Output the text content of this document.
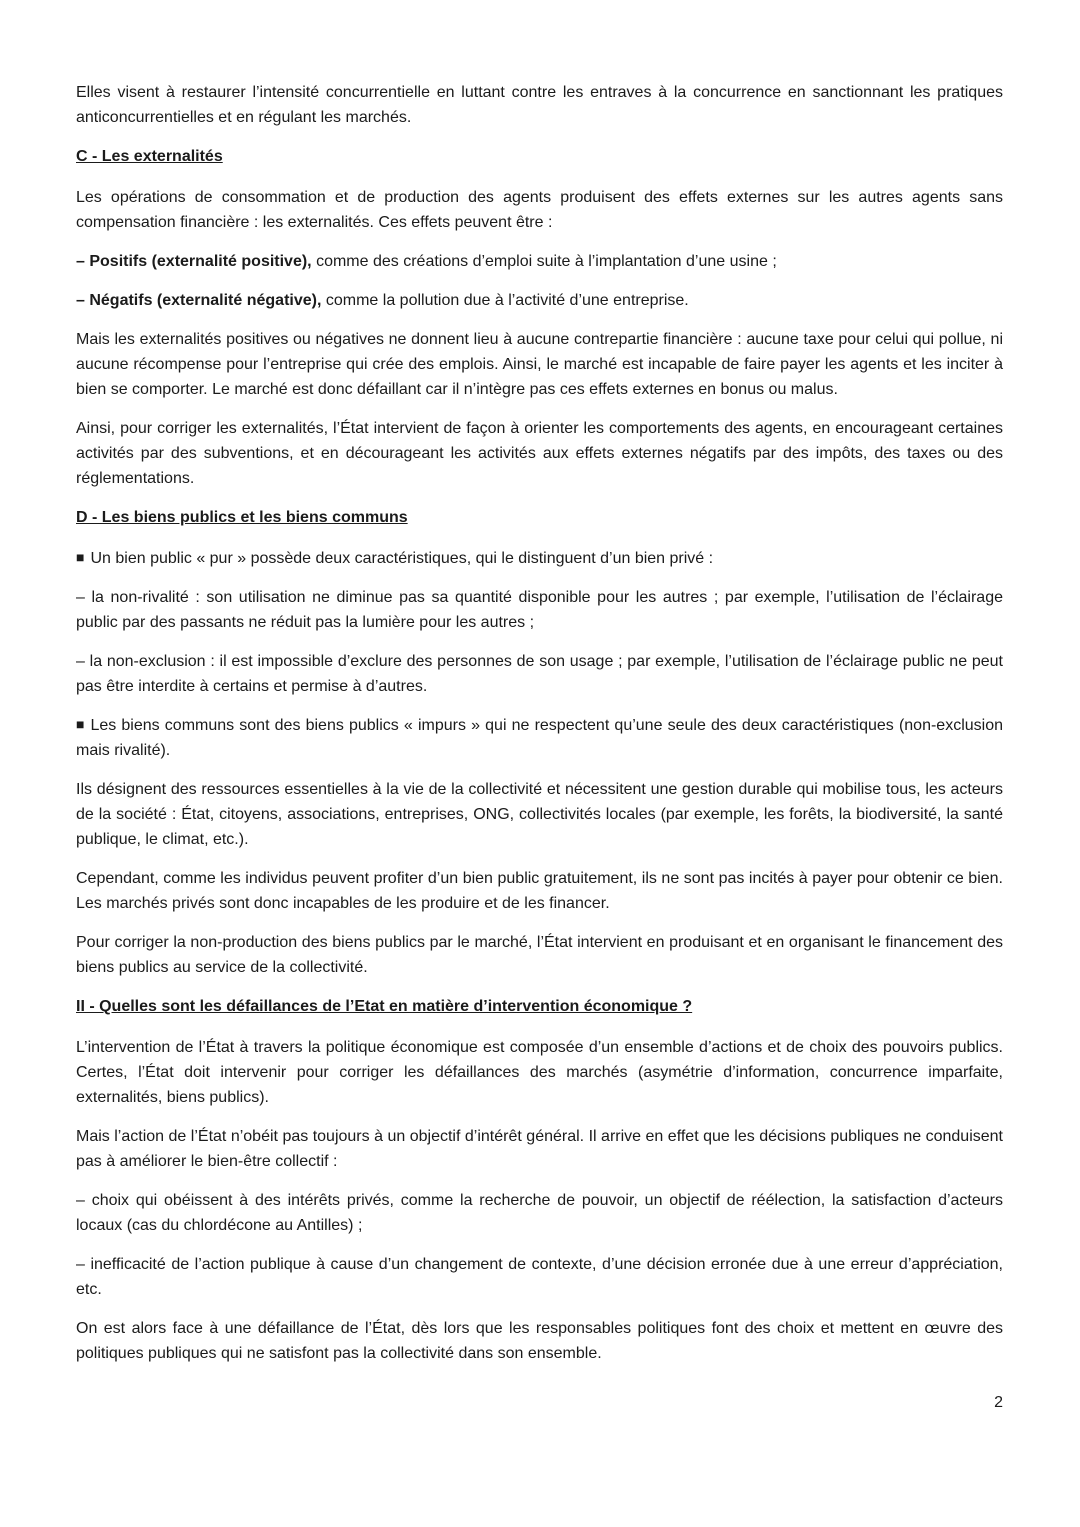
Elles visent à restaurer l’intensité concurrentielle en luttant contre les entraves à la concurrence en sanctionnant les pratiques anticoncurrentielles et en régulant les marchés.

C - Les externalités

Les opérations de consommation et de production des agents produisent des effets externes sur les autres agents sans compensation financière : les externalités. Ces effets peuvent être :

– Positifs (externalité positive), comme des créations d’emploi suite à l’implantation d’une usine ;

– Négatifs (externalité négative), comme la pollution due à l’activité d’une entreprise.

Mais les externalités positives ou négatives ne donnent lieu à aucune contrepartie financière : aucune taxe pour celui qui pollue, ni aucune récompense pour l’entreprise qui crée des emplois. Ainsi, le marché est incapable de faire payer les agents et les inciter à bien se comporter. Le marché est donc défaillant car il n’intègre pas ces effets externes en bonus ou malus.

Ainsi, pour corriger les externalités, l’État intervient de façon à orienter les comportements des agents, en encourageant certaines activités par des subventions, et en décourageant les activités aux effets externes négatifs par des impôts, des taxes ou des réglementations.

D - Les biens publics et les biens communs

■ Un bien public « pur » possède deux caractéristiques, qui le distinguent d’un bien privé :

– la non-rivalité : son utilisation ne diminue pas sa quantité disponible pour les autres ; par exemple, l’utilisation de l’éclairage public par des passants ne réduit pas la lumière pour les autres ;

– la non-exclusion : il est impossible d’exclure des personnes de son usage ; par exemple, l’utilisation de l’éclairage public ne peut pas être interdite à certains et permise à d’autres.

■ Les biens communs sont des biens publics « impurs » qui ne respectent qu’une seule des deux caractéristiques (non-exclusion mais rivalité).

Ils désignent des ressources essentielles à la vie de la collectivité et nécessitent une gestion durable qui mobilise tous, les acteurs de la société : État, citoyens, associations, entreprises, ONG, collectivités locales (par exemple, les forêts, la biodiversité, la santé publique, le climat, etc.).

Cependant, comme les individus peuvent profiter d’un bien public gratuitement, ils ne sont pas incités à payer pour obtenir ce bien. Les marchés privés sont donc incapables de les produire et de les financer.

Pour corriger la non-production des biens publics par le marché, l’État intervient en produisant et en organisant le financement des biens publics au service de la collectivité.

II - Quelles sont les défaillances de l’Etat en matière d’intervention économique ?

L’intervention de l’État à travers la politique économique est composée d’un ensemble d’actions et de choix des pouvoirs publics. Certes, l’État doit intervenir pour corriger les défaillances des marchés (asymétrie d’information, concurrence imparfaite, externalités, biens publics).

Mais l’action de l’État n’obéit pas toujours à un objectif d’intérêt général. Il arrive en effet que les décisions publiques ne conduisent pas à améliorer le bien-être collectif :

– choix qui obéissent à des intérêts privés, comme la recherche de pouvoir, un objectif de réélection, la satisfaction d’acteurs locaux (cas du chlordécone au Antilles) ;

– inefficacité de l’action publique à cause d’un changement de contexte, d’une décision erronée due à une erreur d’appréciation, etc.

On est alors face à une défaillance de l’État, dès lors que les responsables politiques font des choix et mettent en œuvre des politiques publiques qui ne satisfont pas la collectivité dans son ensemble.

2
